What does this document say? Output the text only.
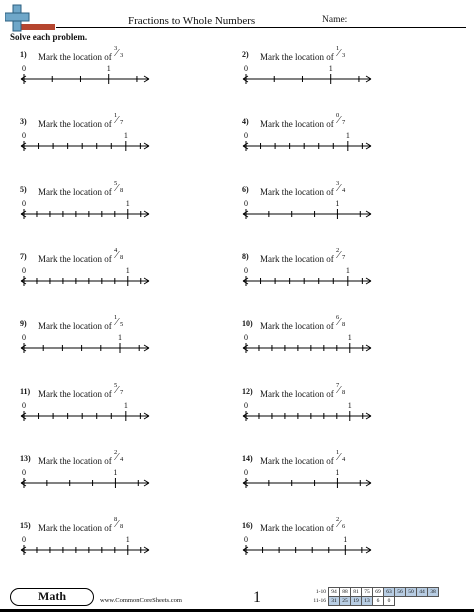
Fractions to Whole Numbers	Name:
Solve each problem.
1) Mark the location of
3
⁄ 3
0	1
2) Mark the location of
1
⁄ 3
0	1
3) Mark the location of
1
⁄ 7
0	1
4) Mark the location of
0
⁄ 7
0	1
5) Mark the location of
5
⁄ 8
0	1
6) Mark the location of
3
⁄ 4
0	1
7) Mark the location of
4
⁄ 8
0	1
8) Mark the location of
2
⁄ 7
0	1
9) Mark the location of
1
⁄ 5
0	1
10) Mark the location of
6
⁄ 8
0	1
11) Mark the location of
5
⁄ 7
0	1
12) Mark the location of
7
⁄ 8
0	1
13) Mark the location of
2
⁄ 4
0	1
14) Mark the location of
1
⁄ 4
0	1
15) Mark the location of
8
⁄ 8
0	1
16) Mark the location of
2
⁄ 6
0	1
Math	www.CommonCoreSheets.com	1	1-10	94	88	81	75	69	63	56	50	44	38
11-16	31	25	19	13	6	0				
